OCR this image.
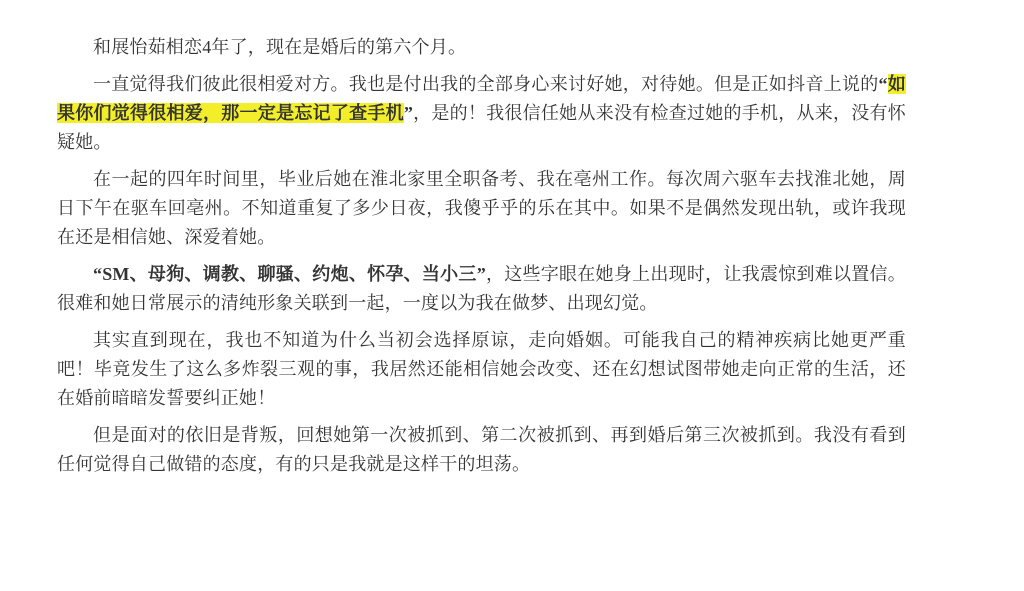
和展怡茹相恋4年了，现在是婚后的第六个月。

一直觉得我们彼此很相爱对方。我也是付出我的全部身心来讨好她，对待她。但是正如抖音上说的“如果你们觉得很相爱，那一定是忘记了查手机”，是的！我很信任她从来没有检查过她的手机，从来，没有怀疑她。

在一起的四年时间里，毕业后她在淮北家里全职备考、我在亳州工作。每次周六驱车去找淮北她，周日下午在驱车回亳州。不知道重复了多少日夜，我傻乎乎的乐在其中。如果不是偶然发现出轨，或许我现在还是相信她、深爱着她。

“SM、母狗、调教、聊骚、约炮、怀孕、当小三”，这些字眼在她身上出现时，让我震惊到难以置信。很难和她日常展示的清纯形象关联到一起，一度以为我在做梦、出现幻觉。

其实直到现在，我也不知道为什么当初会选择原谅，走向婚姻。可能我自己的精神疾病比她更严重吧！毕竟发生了这么多炸裂三观的事，我居然还能相信她会改变、还在幻想试图带她走向正常的生活，还在婚前暗暗发誓要纠正她！

但是面对的依旧是背叛，回想她第一次被抓到、第二次被抓到、再到婚后第三次被抓到。我没有看到任何觉得自己做错的态度，有的只是我就是这样干的坦荡。
